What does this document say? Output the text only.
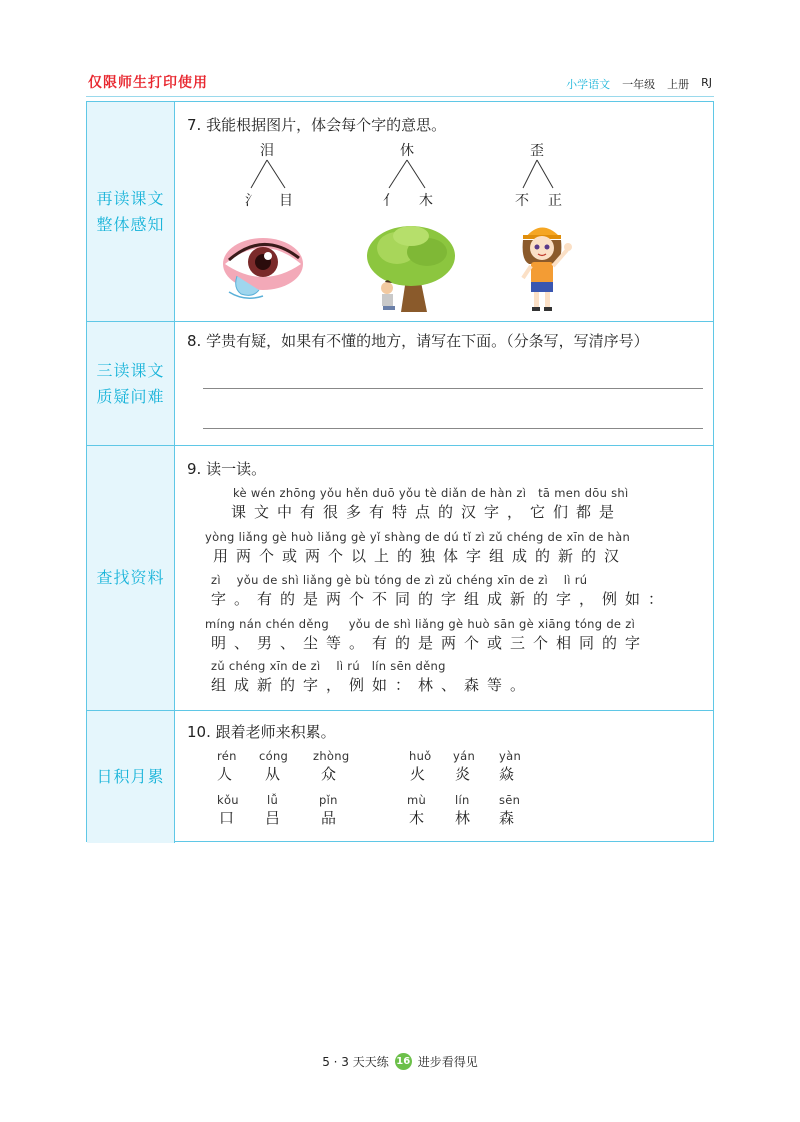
仅限师生打印使用	小学语文 一年级 上册 RJ
再读课文
整体感知
7. 我能根据图片，体会每个字的意思。
泪
氵 目
休
亻 木
歪
不 正
三读课文
质疑问难
8. 学贵有疑，如果有不懂的地方，请写在下面。（分条写，写清序号）
查找资料
9. 读一读。
kè wén zhōng yǒu hěn duō yǒu tè diǎn de hàn zì   tā men dōu shì
课文中有很多有特点的汉字，它们都是
yòng liǎng gè huò liǎng gè yǐ shàng de dú tǐ zì zǔ chéng de xīn de hàn
用两个或两个以上的独体字组成的新的汉
zì    yǒu de shì liǎng gè bù tóng de zì zǔ chéng xīn de zì    lì rú
字。有的是两个不同的字组成新的字，例如：
míng nán chén děng     yǒu de shì liǎng gè huò sān gè xiāng tóng de zì
明、男、尘等。有的是两个或三个相同的字
zǔ chéng xīn de zì    lì rú   lín sēn děng
组成新的字，例如：林、森等。
日积月累
10. 跟着老师来积累。
rén
人
cóng
从
zhòng
众
huǒ
火
yán
炎
yàn
焱
kǒu
口
lǚ
吕
pǐn
品
mù
木
lín
林
sēn
森
5 · 3 天天练 16 进步看得见
